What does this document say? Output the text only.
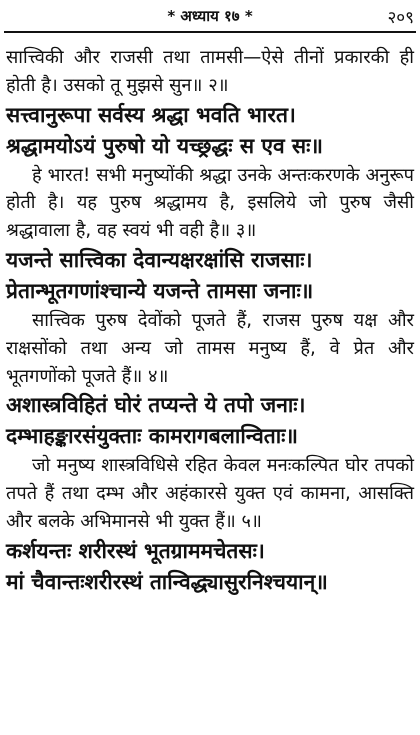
* अध्याय १७ *	२०९

सात्त्विकी और राजसी तथा तामसी—ऐसे तीनों प्रकारकी ही होती है। उसको तू मुझसे सुन॥ २॥

सत्त्वानुरूपा सर्वस्य श्रद्धा भवति भारत।

श्रद्धामयोऽयं पुरुषो यो यच्छ्रद्धः स एव सः॥

हे भारत! सभी मनुष्योंकी श्रद्धा उनके अन्तःकरणके अनुरूप होती है। यह पुरुष श्रद्धामय है, इसलिये जो पुरुष जैसी श्रद्धावाला है, वह स्वयं भी वही है॥ ३॥

यजन्ते सात्त्विका देवान्यक्षरक्षांसि राजसाः।

प्रेतान्भूतगणांश्चान्ये यजन्ते तामसा जनाः॥

सात्त्विक पुरुष देवोंको पूजते हैं, राजस पुरुष यक्ष और राक्षसोंको तथा अन्य जो तामस मनुष्य हैं, वे प्रेत और भूतगणोंको पूजते हैं॥ ४॥

अशास्त्रविहितं घोरं तप्यन्ते ये तपो जनाः।

दम्भाहङ्कारसंयुक्ताः कामरागबलान्विताः॥

जो मनुष्य शास्त्रविधिसे रहित केवल मनःकल्पित घोर तपको तपते हैं तथा दम्भ और अहंकारसे युक्त एवं कामना, आसक्ति और बलके अभिमानसे भी युक्त हैं॥ ५॥

कर्शयन्तः शरीरस्थं भूतग्राममचेतसः।

मां चैवान्तःशरीरस्थं तान्विद्ध्यासुरनिश्चयान्॥
